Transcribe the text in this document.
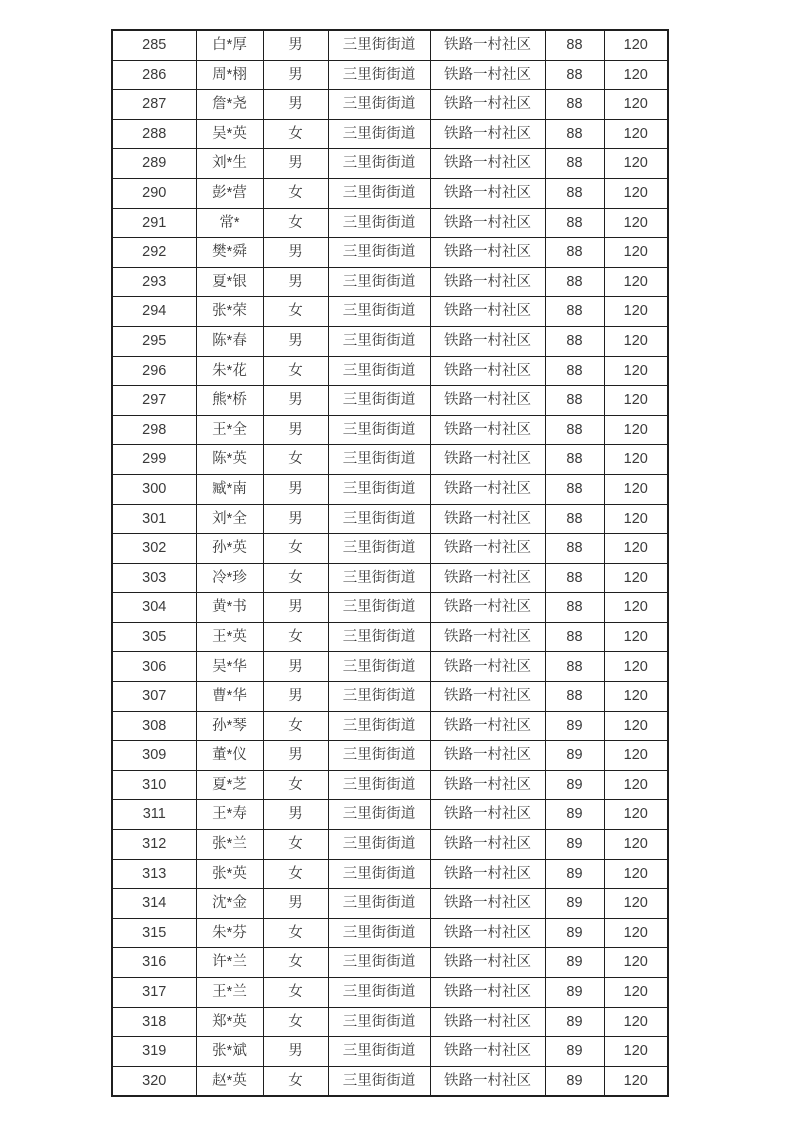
285	白*厚	男	三里街街道	铁路一村社区	88	120
286	周*栩	男	三里街街道	铁路一村社区	88	120
287	詹*尧	男	三里街街道	铁路一村社区	88	120
288	吴*英	女	三里街街道	铁路一村社区	88	120
289	刘*生	男	三里街街道	铁路一村社区	88	120
290	彭*营	女	三里街街道	铁路一村社区	88	120
291	常*	女	三里街街道	铁路一村社区	88	120
292	樊*舜	男	三里街街道	铁路一村社区	88	120
293	夏*银	男	三里街街道	铁路一村社区	88	120
294	张*荣	女	三里街街道	铁路一村社区	88	120
295	陈*春	男	三里街街道	铁路一村社区	88	120
296	朱*花	女	三里街街道	铁路一村社区	88	120
297	熊*桥	男	三里街街道	铁路一村社区	88	120
298	王*全	男	三里街街道	铁路一村社区	88	120
299	陈*英	女	三里街街道	铁路一村社区	88	120
300	臧*南	男	三里街街道	铁路一村社区	88	120
301	刘*全	男	三里街街道	铁路一村社区	88	120
302	孙*英	女	三里街街道	铁路一村社区	88	120
303	冷*珍	女	三里街街道	铁路一村社区	88	120
304	黄*书	男	三里街街道	铁路一村社区	88	120
305	王*英	女	三里街街道	铁路一村社区	88	120
306	吴*华	男	三里街街道	铁路一村社区	88	120
307	曹*华	男	三里街街道	铁路一村社区	88	120
308	孙*琴	女	三里街街道	铁路一村社区	89	120
309	董*仪	男	三里街街道	铁路一村社区	89	120
310	夏*芝	女	三里街街道	铁路一村社区	89	120
311	王*寿	男	三里街街道	铁路一村社区	89	120
312	张*兰	女	三里街街道	铁路一村社区	89	120
313	张*英	女	三里街街道	铁路一村社区	89	120
314	沈*金	男	三里街街道	铁路一村社区	89	120
315	朱*芬	女	三里街街道	铁路一村社区	89	120
316	许*兰	女	三里街街道	铁路一村社区	89	120
317	王*兰	女	三里街街道	铁路一村社区	89	120
318	郑*英	女	三里街街道	铁路一村社区	89	120
319	张*斌	男	三里街街道	铁路一村社区	89	120
320	赵*英	女	三里街街道	铁路一村社区	89	120
